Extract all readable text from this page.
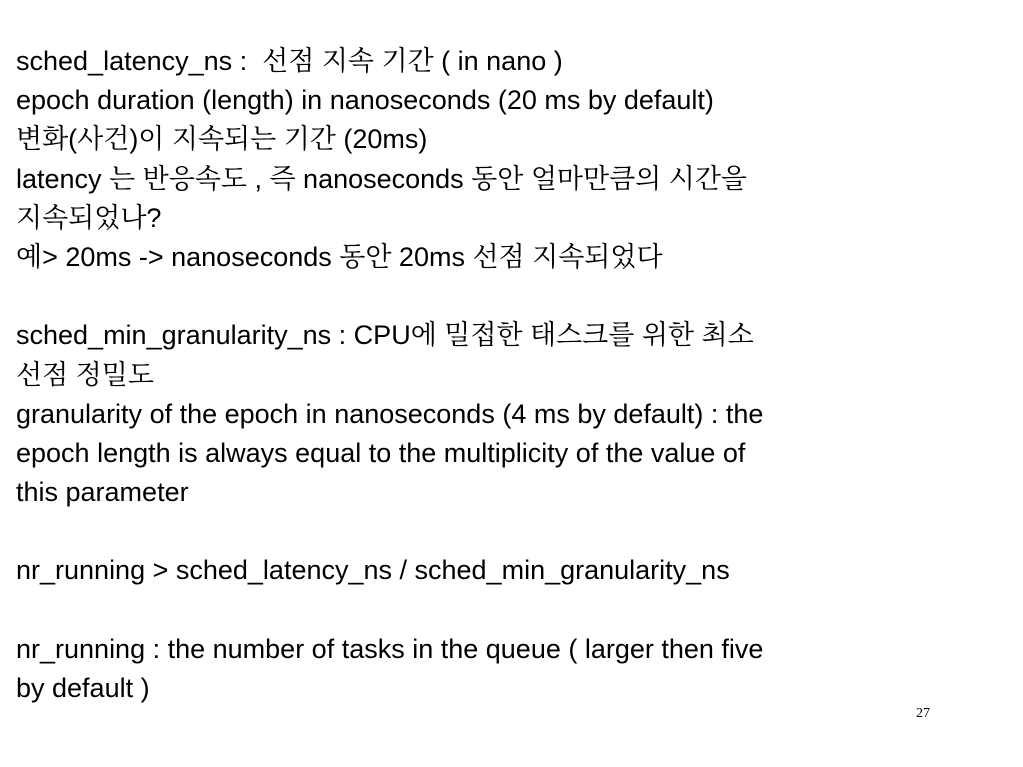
sched_latency_ns :  선점 지속 기간 ( in nano )
epoch duration (length) in nanoseconds (20 ms by default)
변화(사건)이 지속되는 기간 (20ms)
latency 는 반응속도 , 즉 nanoseconds 동안 얼마만큼의 시간을
지속되었나?
예> 20ms -> nanoseconds 동안 20ms 선점 지속되었다
sched_min_granularity_ns : CPU에 밀접한 태스크를 위한 최소
선점 정밀도
granularity of the epoch in nanoseconds (4 ms by default) : the
epoch length is always equal to the multiplicity of the value of
this parameter
nr_running > sched_latency_ns / sched_min_granularity_ns
nr_running : the number of tasks in the queue ( larger then five
by default )
27
